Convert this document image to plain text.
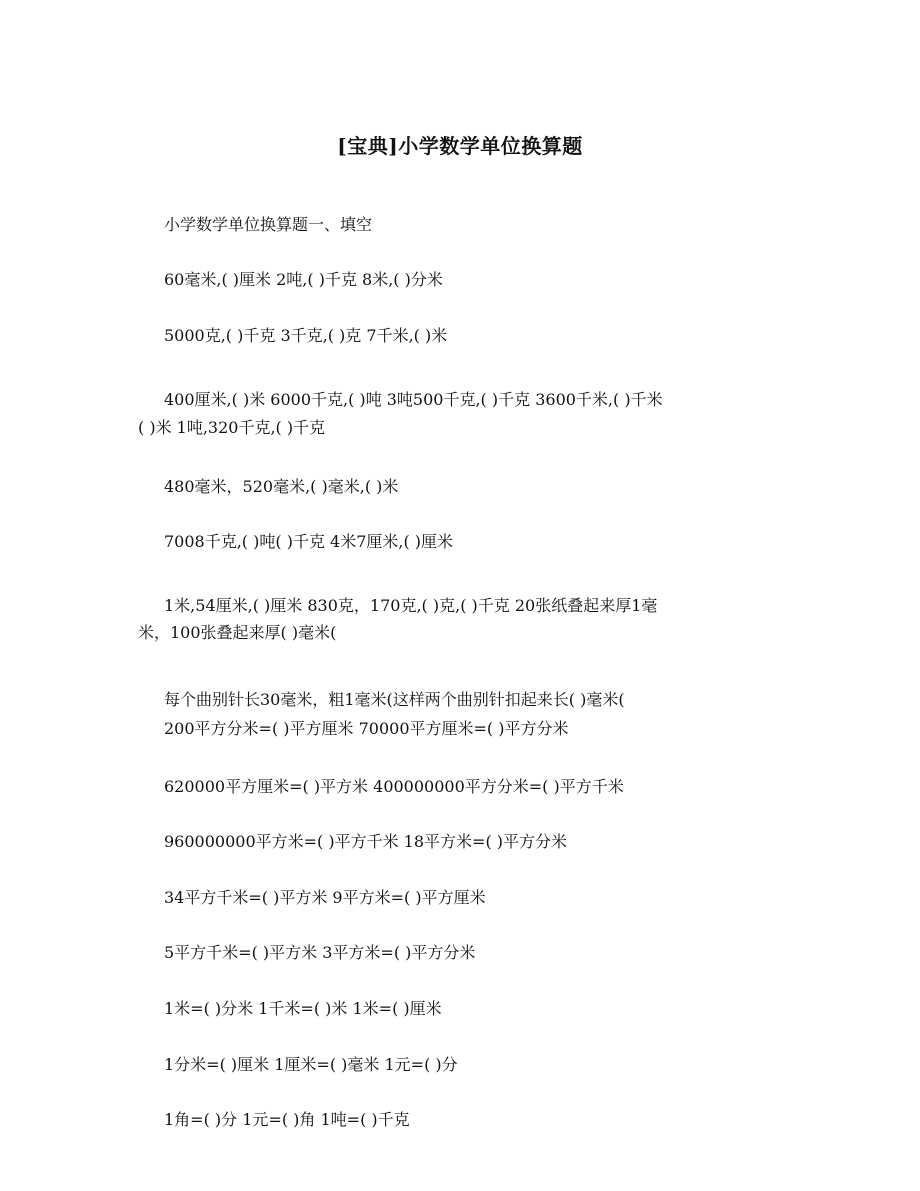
[宝典]小学数学单位换算题
小学数学单位换算题一、填空
60毫米,( )厘米 2吨,( )千克 8米,( )分米
5000克,( )千克 3千克,( )克 7千米,( )米
400厘米,( )米 6000千克,( )吨 3吨500千克,( )千克 3600千米,( )千米
( )米 1吨,320千克,( )千克
480毫米，520毫米,( )毫米,( )米
7008千克,( )吨( )千克 4米7厘米,( )厘米
1米,54厘米,( )厘米 830克，170克,( )克,( )千克 20张纸叠起来厚1毫
米，100张叠起来厚( )毫米(
每个曲别针长30毫米，粗1毫米(这样两个曲别针扣起来长( )毫米(
200平方分米=( )平方厘米 70000平方厘米=( )平方分米
620000平方厘米=( )平方米 400000000平方分米=( )平方千米
960000000平方米=( )平方千米 18平方米=( )平方分米
34平方千米=( )平方米 9平方米=( )平方厘米
5平方千米=( )平方米 3平方米=( )平方分米
1米=( )分米 1千米=( )米 1米=( )厘米
1分米=( )厘米 1厘米=( )毫米 1元=( )分
1角=( )分 1元=( )角 1吨=( )千克
